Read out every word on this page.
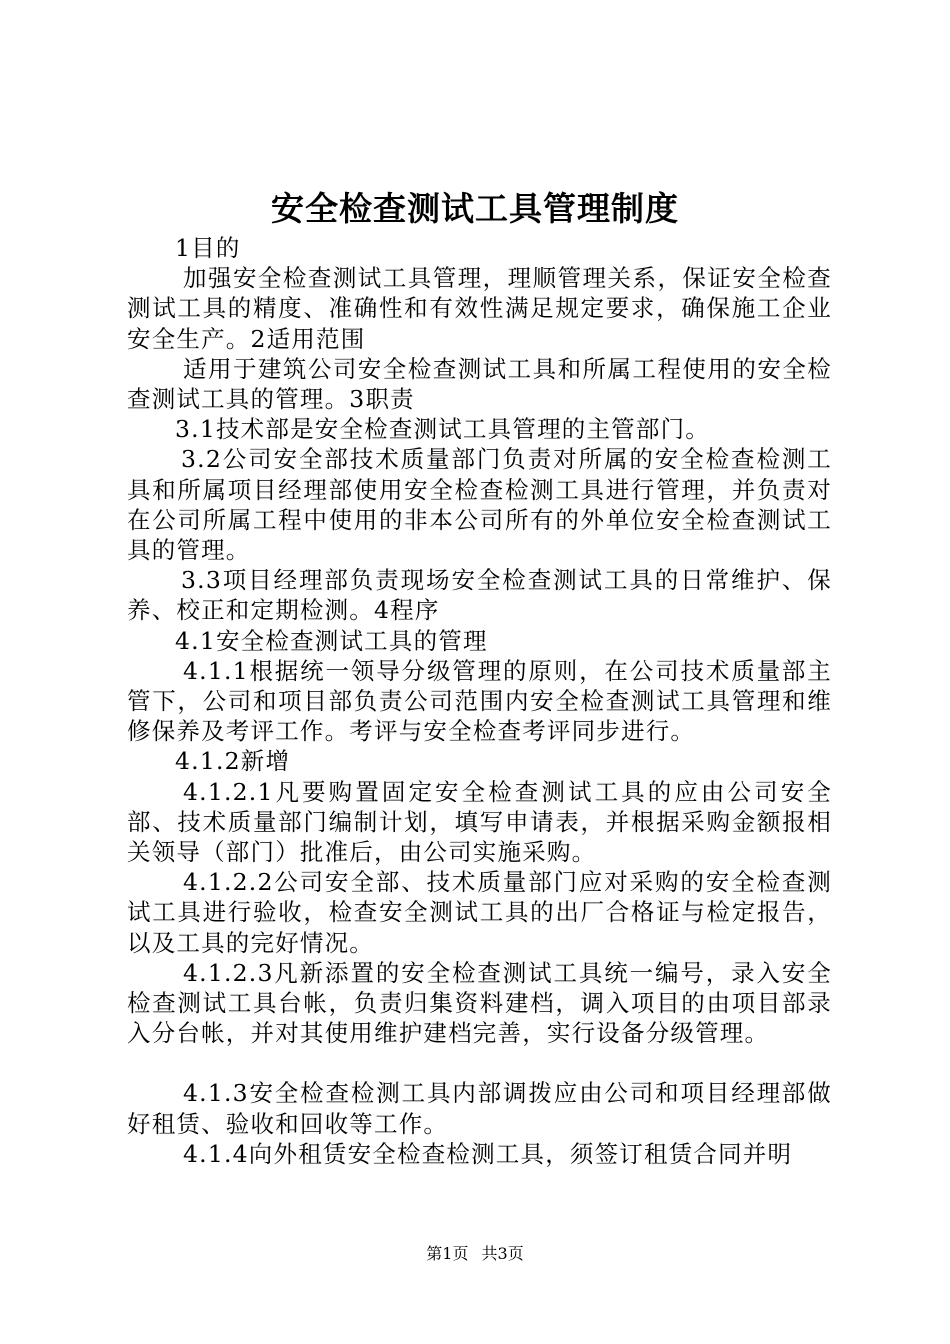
安全检查测试工具管理制度

1目的

加强安全检查测试工具管理，理顺管理关系，保证安全检查测试工具的精度、准确性和有效性满足规定要求，确保施工企业安全生产。2适用范围

适用于建筑公司安全检查测试工具和所属工程使用的安全检查测试工具的管理。3职责

3.1技术部是安全检查测试工具管理的主管部门。

3.2公司安全部技术质量部门负责对所属的安全检查检测工具和所属项目经理部使用安全检查检测工具进行管理，并负责对在公司所属工程中使用的非本公司所有的外单位安全检查测试工具的管理。

3.3项目经理部负责现场安全检查测试工具的日常维护、保养、校正和定期检测。4程序

4.1安全检查测试工具的管理

4.1.1根据统一领导分级管理的原则，在公司技术质量部主管下，公司和项目部负责公司范围内安全检查测试工具管理和维修保养及考评工作。考评与安全检查考评同步进行。

4.1.2新增

4.1.2.1凡要购置固定安全检查测试工具的应由公司安全部、技术质量部门编制计划，填写申请表，并根据采购金额报相关领导（部门）批准后，由公司实施采购。

4.1.2.2公司安全部、技术质量部门应对采购的安全检查测试工具进行验收，检查安全测试工具的出厂合格证与检定报告，以及工具的完好情况。

4.1.2.3凡新添置的安全检查测试工具统一编号，录入安全检查测试工具台帐，负责归集资料建档，调入项目的由项目部录入分台帐，并对其使用维护建档完善，实行设备分级管理。

4.1.3安全检查检测工具内部调拨应由公司和项目经理部做好租赁、验收和回收等工作。

4.1.4向外租赁安全检查检测工具，须签订租赁合同并明

第1页 共3页
